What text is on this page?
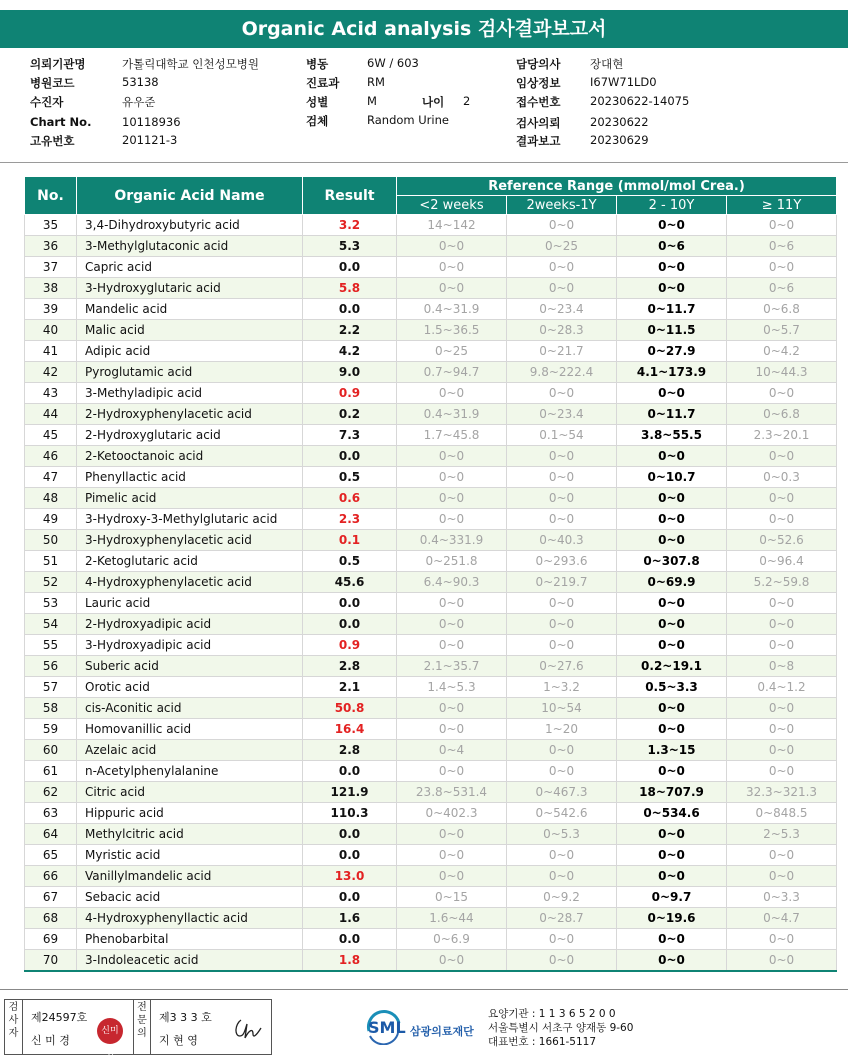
Organic Acid analysis 검사결과보고서
의뢰기관명	가톨릭대학교 인천성모병원
병원코드	53138
수진자	유우준
Chart No.	10118936
고유번호	201121-3
병동	6W / 603
진료과 RM
성별	M	나이 2
검체	Random Urine
담당의사	장대현
임상정보	I67W71LD0
접수번호	20230622-14075
검사의뢰	20230622
결과보고	20230629
No.	Organic Acid Name	Result	Reference Range (mmol/mol Crea.)			
			<2 weeks	2weeks-1Y	2 - 10Y	≥ 11Y
35	3,4-Dihydroxybutyric acid	3.2	14~142	0~0	0~0	0~0
36	3-Methylglutaconic acid	5.3	0~0	0~25	0~6	0~6
37	Capric acid	0.0	0~0	0~0	0~0	0~0
38	3-Hydroxyglutaric acid	5.8	0~0	0~0	0~0	0~6
39	Mandelic acid	0.0	0.4~31.9	0~23.4	0~11.7	0~6.8
40	Malic acid	2.2	1.5~36.5	0~28.3	0~11.5	0~5.7
41	Adipic acid	4.2	0~25	0~21.7	0~27.9	0~4.2
42	Pyroglutamic acid	9.0	0.7~94.7	9.8~222.4	4.1~173.9	10~44.3
43	3-Methyladipic acid	0.9	0~0	0~0	0~0	0~0
44	2-Hydroxyphenylacetic acid	0.2	0.4~31.9	0~23.4	0~11.7	0~6.8
45	2-Hydroxyglutaric acid	7.3	1.7~45.8	0.1~54	3.8~55.5	2.3~20.1
46	2-Ketooctanoic acid	0.0	0~0	0~0	0~0	0~0
47	Phenyllactic acid	0.5	0~0	0~0	0~10.7	0~0.3
48	Pimelic acid	0.6	0~0	0~0	0~0	0~0
49	3-Hydroxy-3-Methylglutaric acid	2.3	0~0	0~0	0~0	0~0
50	3-Hydroxyphenylacetic acid	0.1	0.4~331.9	0~40.3	0~0	0~52.6
51	2-Ketoglutaric acid	0.5	0~251.8	0~293.6	0~307.8	0~96.4
52	4-Hydroxyphenylacetic acid	45.6	6.4~90.3	0~219.7	0~69.9	5.2~59.8
53	Lauric acid	0.0	0~0	0~0	0~0	0~0
54	2-Hydroxyadipic acid	0.0	0~0	0~0	0~0	0~0
55	3-Hydroxyadipic acid	0.9	0~0	0~0	0~0	0~0
56	Suberic acid	2.8	2.1~35.7	0~27.6	0.2~19.1	0~8
57	Orotic acid	2.1	1.4~5.3	1~3.2	0.5~3.3	0.4~1.2
58	cis-Aconitic acid	50.8	0~0	10~54	0~0	0~0
59	Homovanillic acid	16.4	0~0	1~20	0~0	0~0
60	Azelaic acid	2.8	0~4	0~0	1.3~15	0~0
61	n-Acetylphenylalanine	0.0	0~0	0~0	0~0	0~0
62	Citric acid	121.9	23.8~531.4	0~467.3	18~707.9	32.3~321.3
63	Hippuric acid	110.3	0~402.3	0~542.6	0~534.6	0~848.5
64	Methylcitric acid	0.0	0~0	0~5.3	0~0	2~5.3
65	Myristic acid	0.0	0~0	0~0	0~0	0~0
66	Vanillylmandelic acid	13.0	0~0	0~0	0~0	0~0
67	Sebacic acid	0.0	0~15	0~9.2	0~9.7	0~3.3
68	4-Hydroxyphenyllactic acid	1.6	1.6~44	0~28.7	0~19.6	0~4.7
69	Phenobarbital	0.0	0~6.9	0~0	0~0	0~0
70	3-Indoleacetic acid	1.8	0~0	0~0	0~0	0~0
검사자
제24597호
신 미 경
신미경
전문의
제3 3 3 호
지 현 영
SML 삼광의료재단
요양기관 : 1 1 3 6 5 2 0 0
서울특별시 서초구 양재동 9-60
대표번호 : 1661-5117
